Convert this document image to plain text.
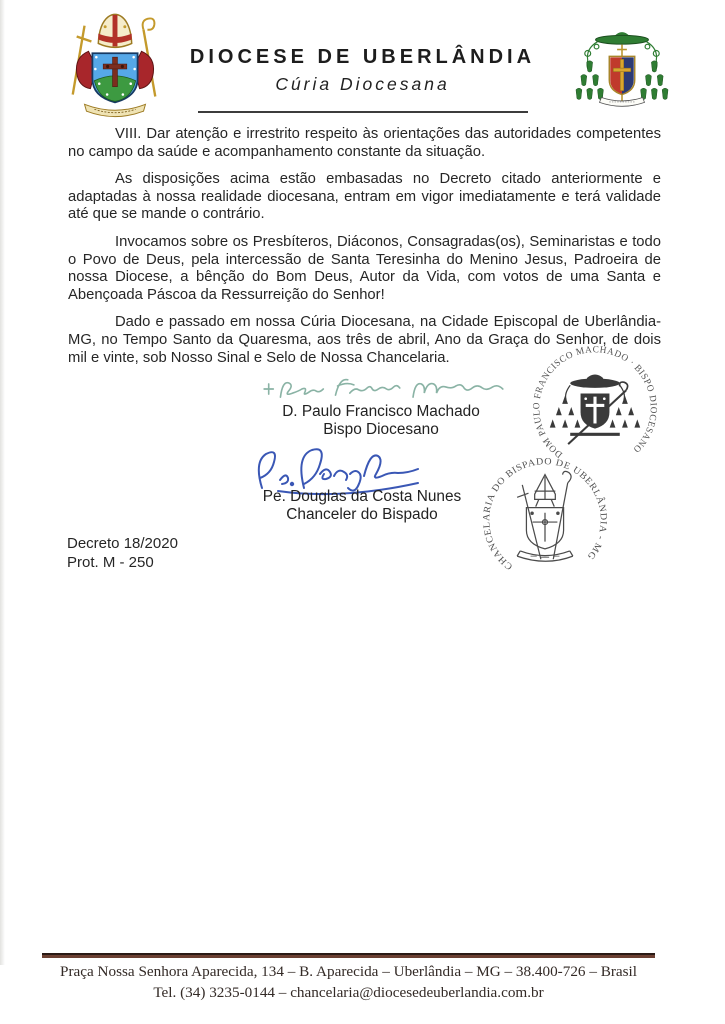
DIOCESE DE UBERLÂNDIA
Cúria Diocesana

VIII. Dar atenção e irrestrito respeito às orientações das autoridades competentes no campo da saúde e acompanhamento constante da situação.

As disposições acima estão embasadas no Decreto citado anteriormente e adaptadas à nossa realidade diocesana, entram em vigor imediatamente e terá validade até que se mande o contrário.

Invocamos sobre os Presbíteros, Diáconos, Consagradas(os), Seminaristas e todo o Povo de Deus, pela intercessão de Santa Teresinha do Menino Jesus, Padroeira de nossa Diocese, a bênção do Bom Deus, Autor da Vida, com votos de uma Santa e Abençoada Páscoa da Ressurreição do Senhor!

Dado e passado em nossa Cúria Diocesana, na Cidade Episcopal de Uberlândia-MG, no Tempo Santo da Quaresma, aos três de abril, Ano da Graça do Senhor, de dois mil e vinte, sob Nosso Sinal e Selo de Nossa Chancelaria.

D. Paulo Francisco Machado
Bispo Diocesano
DOM PAULO FRANCISCO MACHADO · BISPO DIOCESANO
Pe. Douglas da Costa Nunes
Chanceler do Bispado
CHANCELARIA DO BISPADO DE UBERLÂNDIA - MG
Decreto 18/2020
Prot. M - 250
Praça Nossa Senhora Aparecida, 134 – B. Aparecida – Uberlândia – MG – 38.400-726 – Brasil
Tel. (34) 3235-0144 – chancelaria@diocesedeuberlandia.com.br
